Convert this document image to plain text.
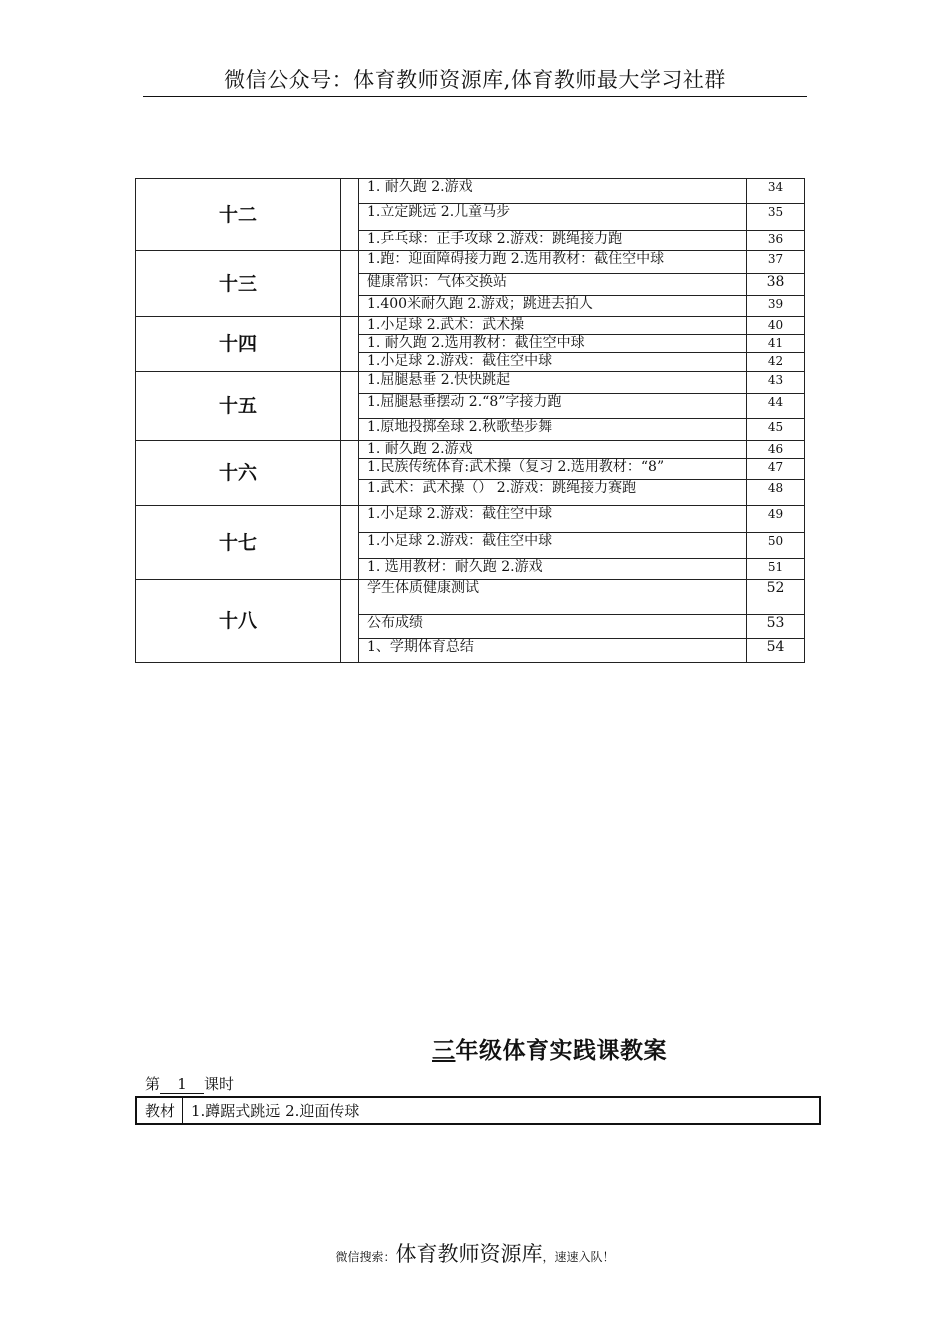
微信公众号：体育教师资源库,体育教师最大学习社群
十二		1. 耐久跑 2.游戏	34
		1.立定跳远 2.儿童马步	35
		1.乒乓球：正手攻球 2.游戏：跳绳接力跑	36
十三		1.跑：迎面障碍接力跑 2.选用教材：截住空中球	37
		健康常识：气体交换站	38
		1.400米耐久跑 2.游戏；跳进去拍人	39
十四		1.小足球 2.武术：武术操	40
		1. 耐久跑 2.选用教材：截住空中球	41
		1.小足球 2.游戏：截住空中球	42
十五		1.屈腿悬垂 2.快快跳起	43
		1.屈腿悬垂摆动 2.“8”字接力跑	44
		1.原地投掷垒球 2.秋歌垫步舞	45
十六		1. 耐久跑 2.游戏	46
		1.民族传统体育:武术操（复习 2.选用教材：“8”	47
		1.武术：武术操（） 2.游戏：跳绳接力赛跑	48
十七		1.小足球 2.游戏：截住空中球	49
		1.小足球 2.游戏：截住空中球	50
		1. 选用教材：耐久跑 2.游戏	51
十八		学生体质健康测试	52
		公布成绩	53
		1、学期体育总结	54
三年级体育实践课教案
第 1 课时
教材	1.蹲踞式跳远 2.迎面传球
微信搜索：体育教师资源库，速速入队！
